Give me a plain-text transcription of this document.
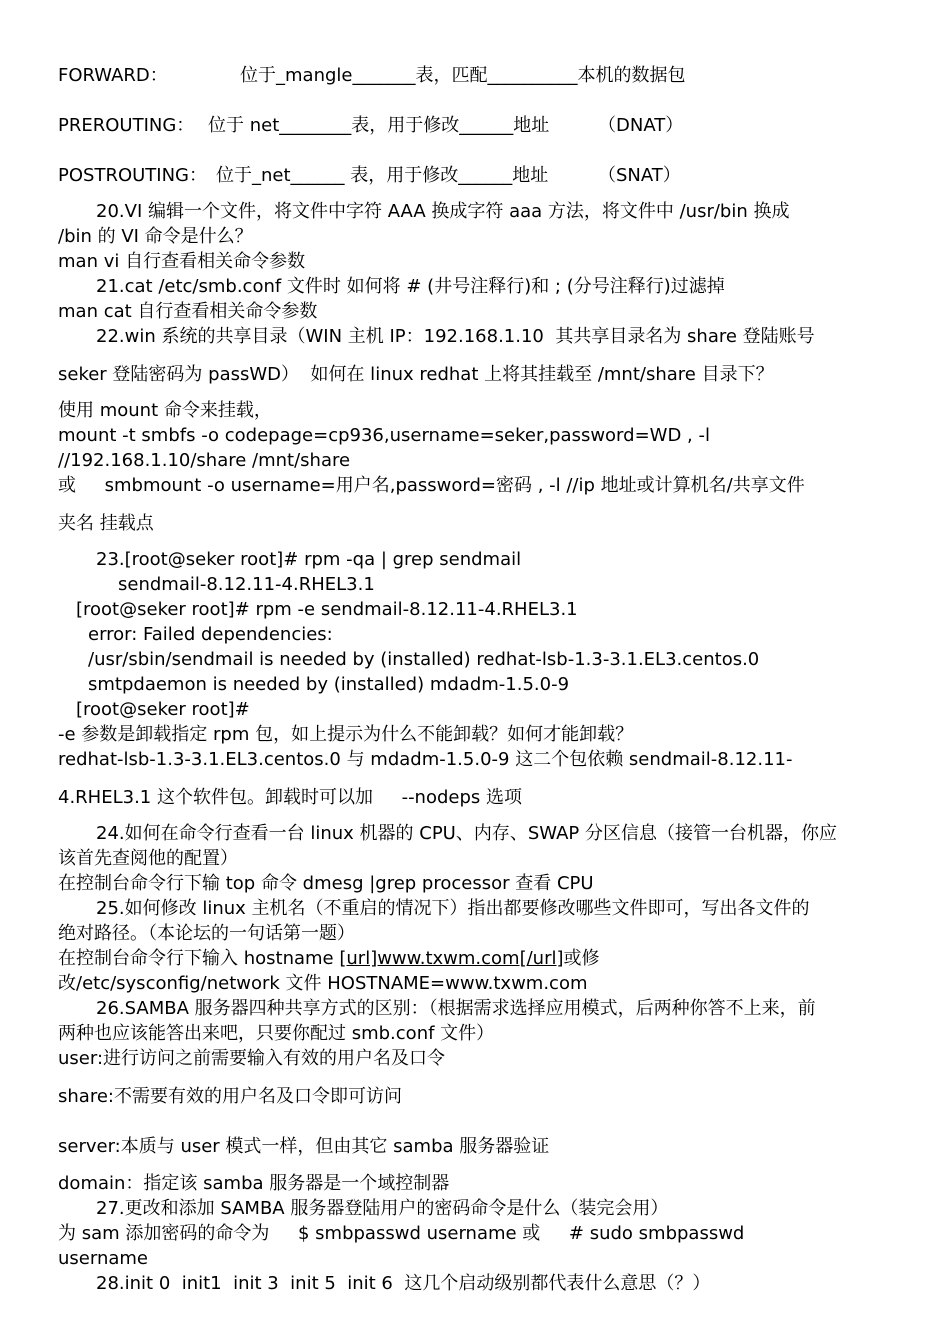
FORWARD：	位于_mangle_______表，匹配__________本机的数据包
PREROUTING： 位于 net________表，用于修改______地址	（DNAT）
POSTROUTING： 位于_net______ 表，用于修改______地址	（SNAT）
20.VI 编辑一个文件，将文件中字符 AAA 换成字符 aaa 方法，将文件中 /usr/bin 换成
/bin 的 VI 命令是什么？
man vi 自行查看相关命令参数
21.cat /etc/smb.conf 文件时 如何将 # (井号注释行)和 ; (分号注释行)过滤掉
man cat 自行查看相关命令参数
22.win 系统的共享目录（WIN 主机 IP：192.168.1.10  其共享目录名为 share 登陆账号
seker 登陆密码为 passWD）  如何在 linux redhat 上将其挂载至 /mnt/share 目录下？
使用 mount 命令来挂载，
mount -t smbfs -o codepage=cp936,username=seker,password=WD , -l
//192.168.1.10/share /mnt/share
或     smbmount -o username=用户名,password=密码 , -l //ip 地址或计算机名/共享文件
夹名 挂载点
23.[root@seker root]# rpm -qa | grep sendmail
sendmail-8.12.11-4.RHEL3.1
[root@seker root]# rpm -e sendmail-8.12.11-4.RHEL3.1
error: Failed dependencies:
/usr/sbin/sendmail is needed by (installed) redhat-lsb-1.3-3.1.EL3.centos.0
smtpdaemon is needed by (installed) mdadm-1.5.0-9
[root@seker root]#
-e 参数是卸载指定 rpm 包，如上提示为什么不能卸载？如何才能卸载？
redhat-lsb-1.3-3.1.EL3.centos.0 与 mdadm-1.5.0-9 这二个包依赖 sendmail-8.12.11-
4.RHEL3.1 这个软件包。卸载时可以加     --nodeps 选项
24.如何在命令行查看一台 linux 机器的 CPU、内存、SWAP 分区信息（接管一台机器，你应
该首先查阅他的配置）
在控制台命令行下输 top 命令 dmesg |grep processor 查看 CPU
25.如何修改 linux 主机名（不重启的情况下）指出都要修改哪些文件即可，写出各文件的
绝对路径。（本论坛的一句话第一题）
在控制台命令行下输入 hostname [url]www.txwm.com[/url]或修
改/etc/sysconfig/network 文件 HOSTNAME=www.txwm.com
26.SAMBA 服务器四种共享方式的区别：（根据需求选择应用模式，后两种你答不上来，前
两种也应该能答出来吧，只要你配过 smb.conf 文件）
user:进行访问之前需要输入有效的用户名及口令
share:不需要有效的用户名及口令即可访问
server:本质与 user 模式一样，但由其它 samba 服务器验证
domain：指定该 samba 服务器是一个域控制器
27.更改和添加 SAMBA 服务器登陆用户的密码命令是什么（装完会用）
为 sam 添加密码的命令为     $ smbpasswd username 或     # sudo smbpasswd
username
28.init 0  init1  init 3  init 5  init 6  这几个启动级别都代表什么意思（？）
